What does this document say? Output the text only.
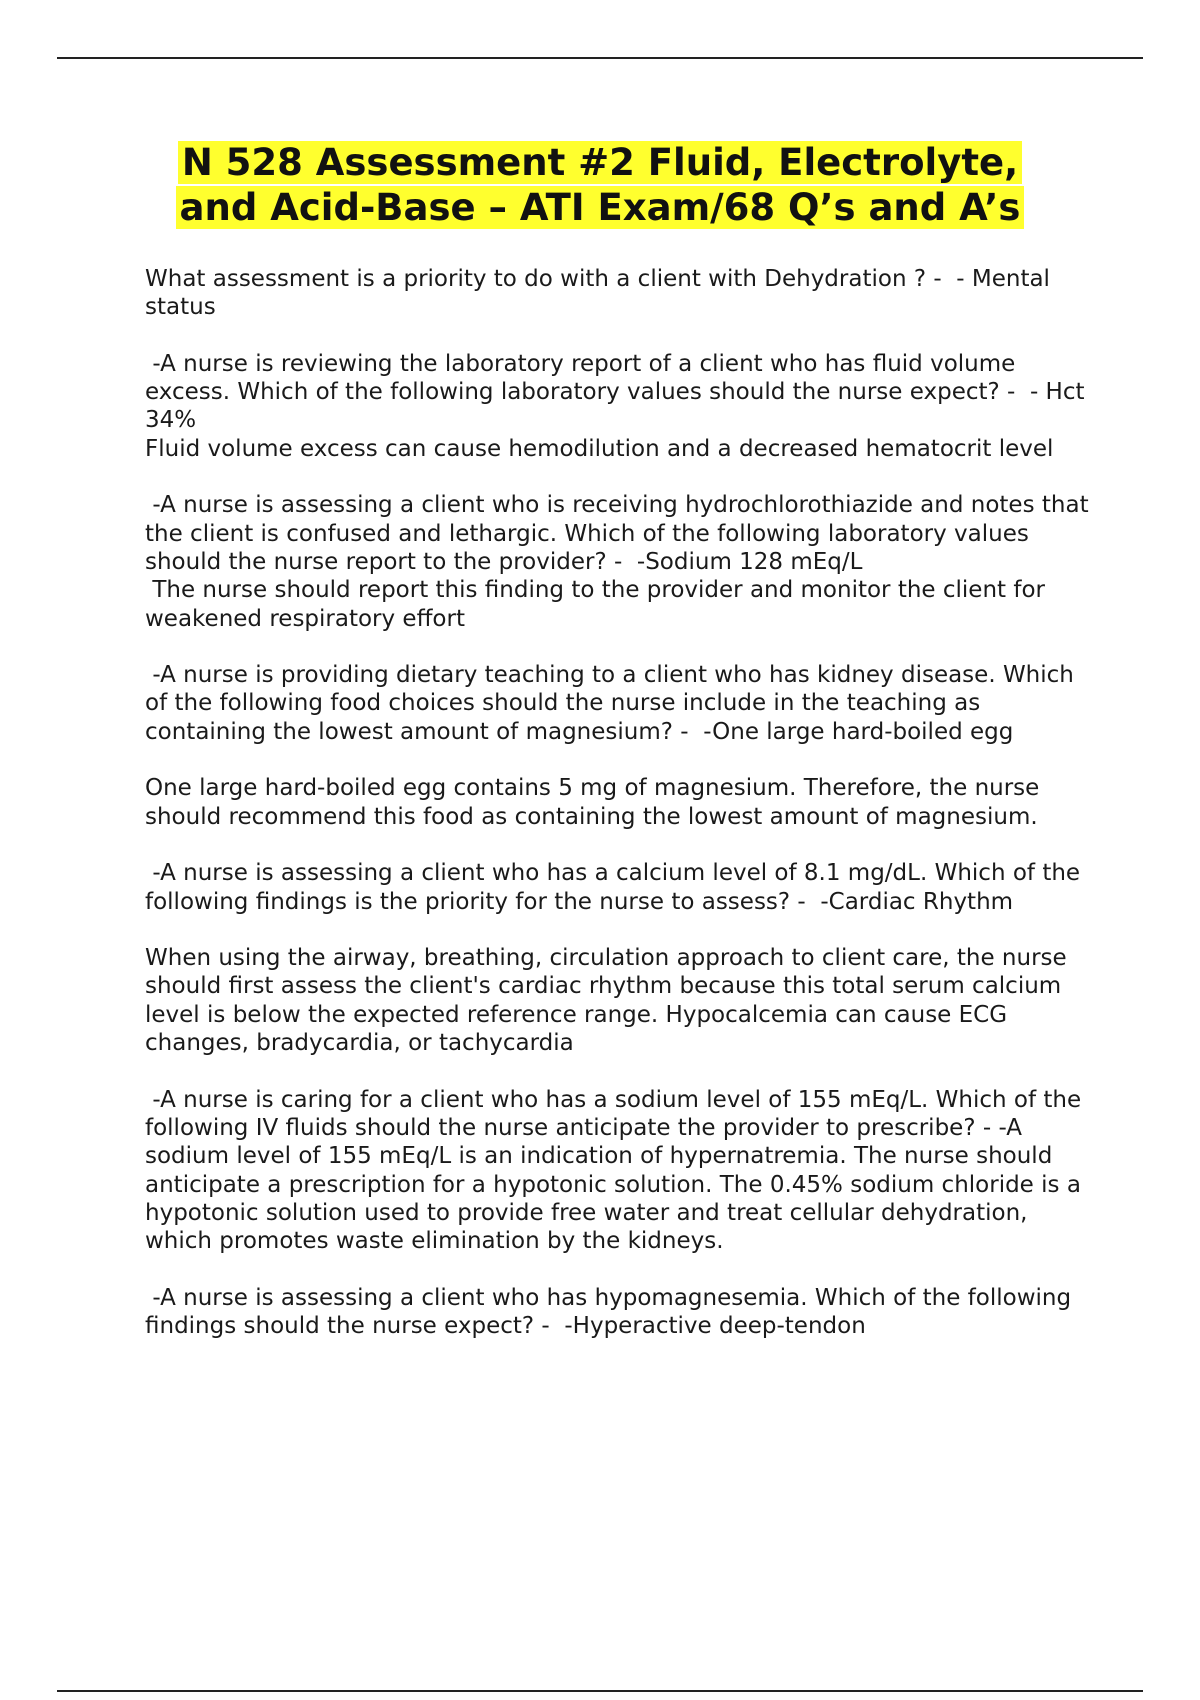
N 528 Assessment #2 Fluid, Electrolyte,
and Acid-Base – ATI Exam/68 Q’s and A’s

What assessment is a priority to do with a client with Dehydration ? -  - Mental status

-A nurse is reviewing the laboratory report of a client who has fluid volume excess. Which of the following laboratory values should the nurse expect? -  - Hct 34%

Fluid volume excess can cause hemodilution and a decreased hematocrit level

-A nurse is assessing a client who is receiving hydrochlorothiazide and notes that the client is confused and lethargic. Which of the following laboratory values should the nurse report to the provider? -  -Sodium 128 mEq/L

The nurse should report this finding to the provider and monitor the client for weakened respiratory effort

-A nurse is providing dietary teaching to a client who has kidney disease. Which of the following food choices should the nurse include in the teaching as containing the lowest amount of magnesium? -  -One large hard-boiled egg

One large hard-boiled egg contains 5 mg of magnesium. Therefore, the nurse should recommend this food as containing the lowest amount of magnesium.

-A nurse is assessing a client who has a calcium level of 8.1 mg/dL. Which of the following findings is the priority for the nurse to assess? -  -Cardiac Rhythm

When using the airway, breathing, circulation approach to client care, the nurse should first assess the client's cardiac rhythm because this total serum calcium level is below the expected reference range. Hypocalcemia can cause ECG changes, bradycardia, or tachycardia

-A nurse is caring for a client who has a sodium level of 155 mEq/L. Which of the following IV fluids should the nurse anticipate the provider to prescribe? - -A sodium level of 155 mEq/L is an indication of hypernatremia. The nurse should anticipate a prescription for a hypotonic solution. The 0.45% sodium chloride is a hypotonic solution used to provide free water and treat cellular dehydration, which promotes waste elimination by the kidneys.

-A nurse is assessing a client who has hypomagnesemia. Which of the following findings should the nurse expect? -  -Hyperactive deep-tendon
